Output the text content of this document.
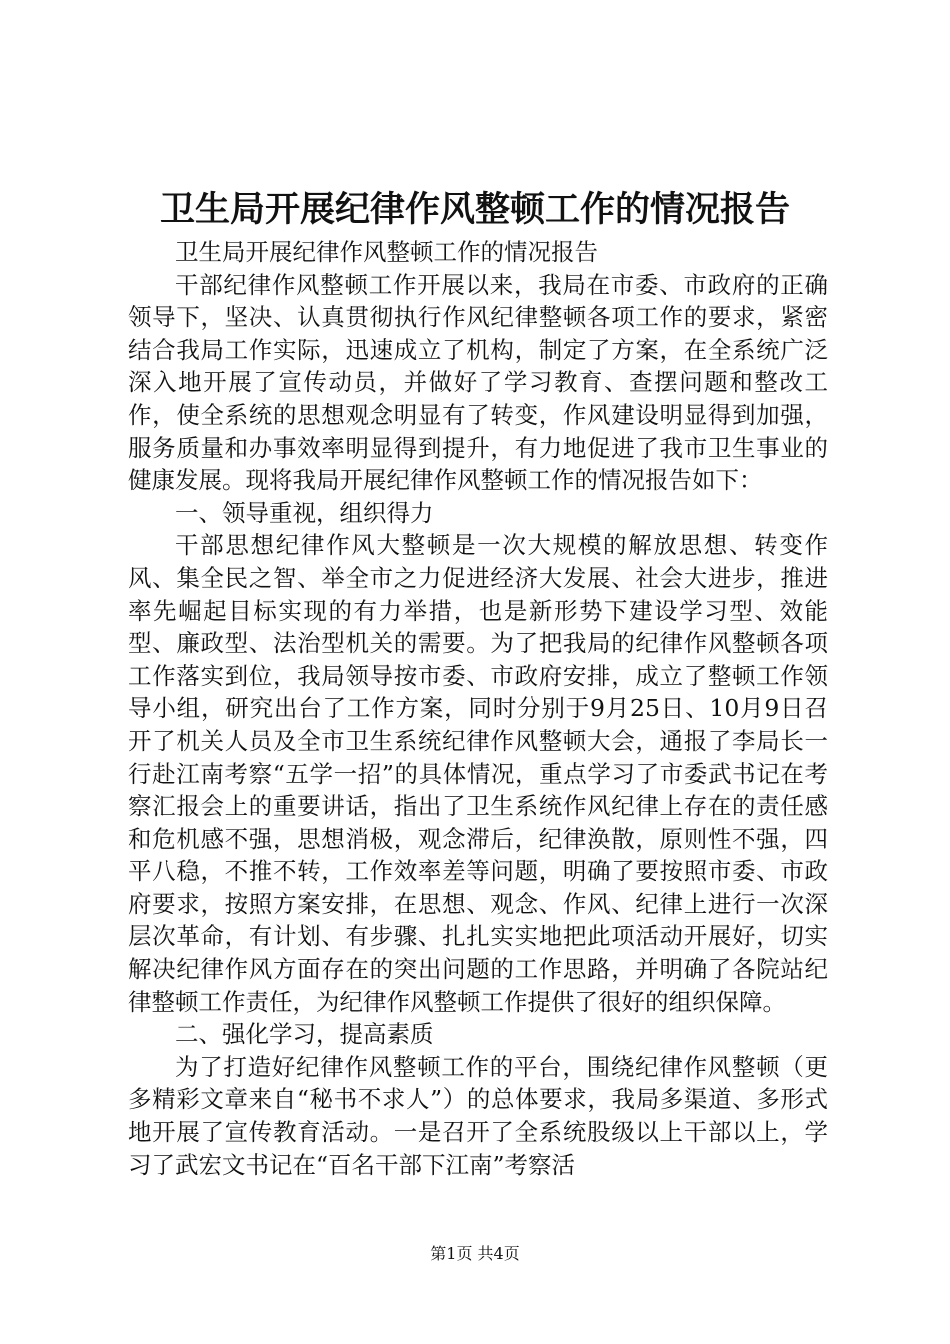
卫生局开展纪律作风整顿工作的情况报告

卫生局开展纪律作风整顿工作的情况报告

干部纪律作风整顿工作开展以来，我局在市委、市政府的正确领导下，坚决、认真贯彻执行作风纪律整顿各项工作的要求，紧密结合我局工作实际，迅速成立了机构，制定了方案，在全系统广泛深入地开展了宣传动员，并做好了学习教育、查摆问题和整改工作，使全系统的思想观念明显有了转变，作风建设明显得到加强，服务质量和办事效率明显得到提升，有力地促进了我市卫生事业的健康发展。现将我局开展纪律作风整顿工作的情况报告如下：

一、领导重视，组织得力

干部思想纪律作风大整顿是一次大规模的解放思想、转变作风、集全民之智、举全市之力促进经济大发展、社会大进步，推进率先崛起目标实现的有力举措，也是新形势下建设学习型、效能型、廉政型、法治型机关的需要。为了把我局的纪律作风整顿各项工作落实到位，我局领导按市委、市政府安排，成立了整顿工作领导小组，研究出台了工作方案，同时分别于9月25日、10月9日召开了机关人员及全市卫生系统纪律作风整顿大会，通报了李局长一行赴江南考察“五学一招”的具体情况，重点学习了市委武书记在考察汇报会上的重要讲话，指出了卫生系统作风纪律上存在的责任感和危机感不强，思想消极，观念滞后，纪律涣散，原则性不强，四平八稳，不推不转，工作效率差等问题，明确了要按照市委、市政府要求，按照方案安排，在思想、观念、作风、纪律上进行一次深层次革命，有计划、有步骤、扎扎实实地把此项活动开展好，切实解决纪律作风方面存在的突出问题的工作思路，并明确了各院站纪律整顿工作责任，为纪律作风整顿工作提供了很好的组织保障。

二、强化学习，提高素质

为了打造好纪律作风整顿工作的平台，围绕纪律作风整顿（更多精彩文章来自“秘书不求人”）的总体要求，我局多渠道、多形式地开展了宣传教育活动。一是召开了全系统股级以上干部以上，学习了武宏文书记在“百名干部下江南”考察活

第1页 共4页
